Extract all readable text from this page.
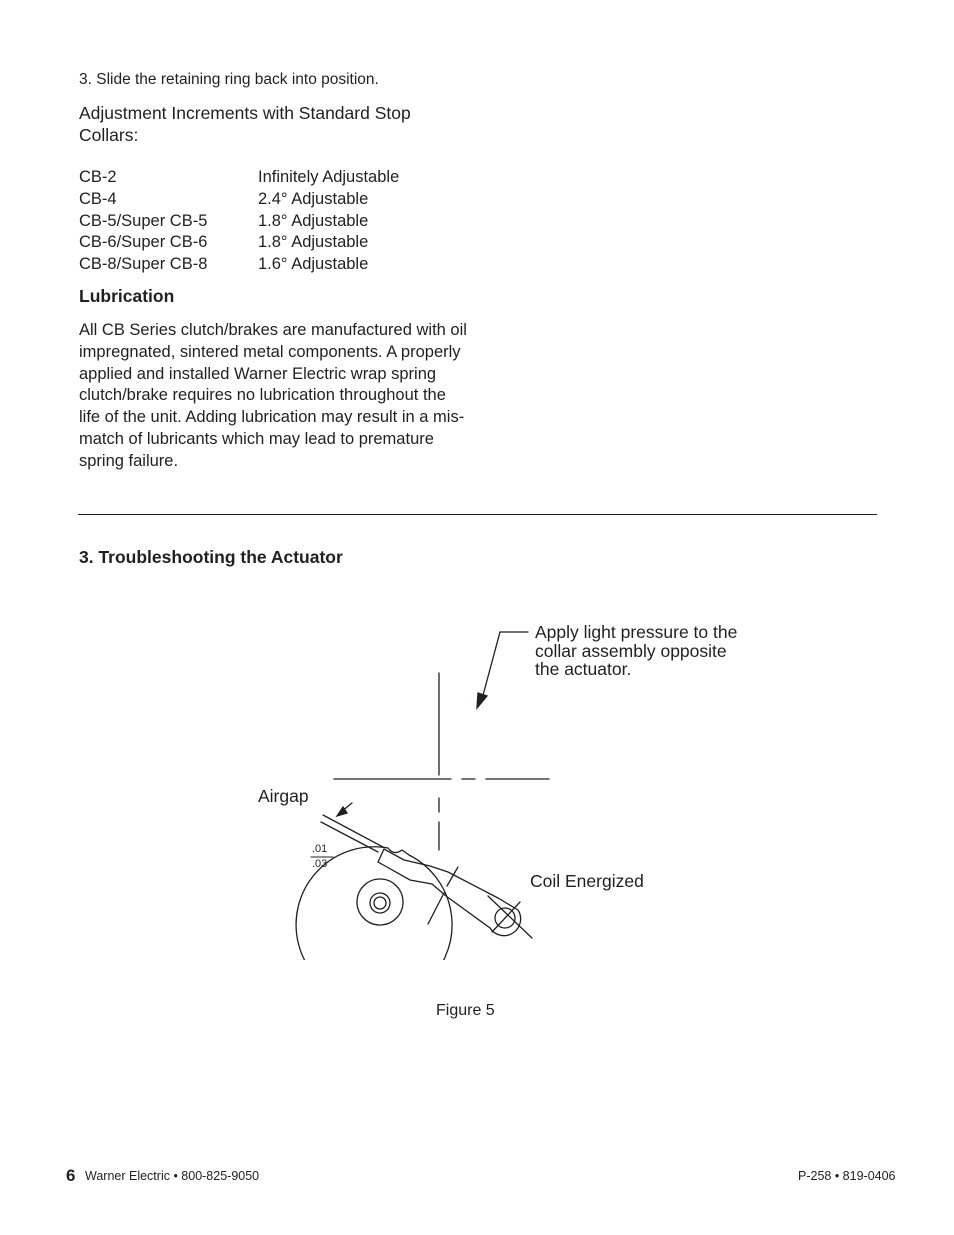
3. Slide the retaining ring back into position.
Adjustment Increments with Standard Stop Collars:
CB-2	Infinitely Adjustable
CB-4	2.4° Adjustable
CB-5/Super CB-5	1.8° Adjustable
CB-6/Super CB-6	1.8° Adjustable
CB-8/Super CB-8	1.6° Adjustable
Lubrication
All CB Series clutch/brakes are manufactured with oil impregnated, sintered metal components. A properly applied and installed Warner Electric wrap spring clutch/brake requires no lubrication throughout the life of the unit. Adding lubrication may result in a mis-match of lubricants which may lead to premature spring failure.
3. Troubleshooting the Actuator
Apply light pressure to the collar assembly opposite the actuator.
Airgap
.01
.03
Coil Energized
Figure 5
6 Warner Electric • 800-825-9050	P-258 • 819-0406
